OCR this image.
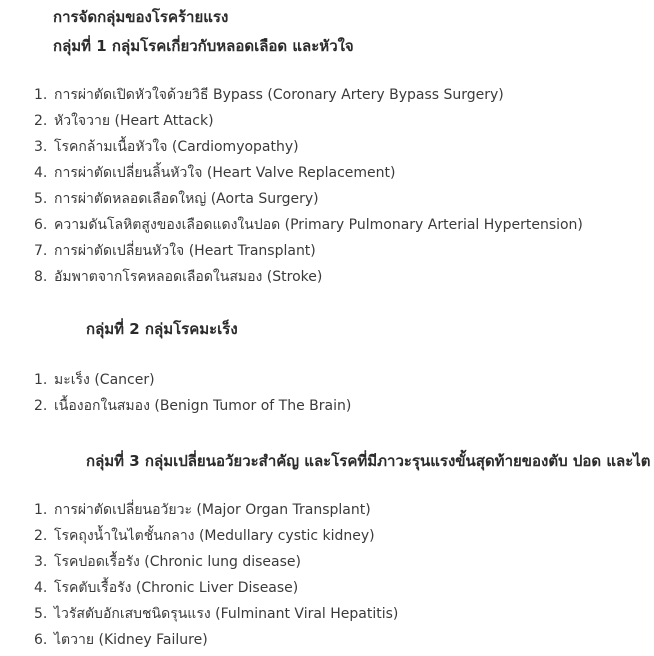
การจัดกลุ่มของโรคร้ายแรง
กลุ่มที่ 1 กลุ่มโรคเกี่ยวกับหลอดเลือด และหัวใจ
1. การผ่าตัดเปิดหัวใจด้วยวิธี Bypass (Coronary Artery Bypass Surgery)
2. หัวใจวาย (Heart Attack)
3. โรคกล้ามเนื้อหัวใจ (Cardiomyopathy)
4. การผ่าตัดเปลี่ยนลิ้นหัวใจ (Heart Valve Replacement)
5. การผ่าตัดหลอดเลือดใหญ่ (Aorta Surgery)
6. ความดันโลหิตสูงของเลือดแดงในปอด (Primary Pulmonary Arterial Hypertension)
7. การผ่าตัดเปลี่ยนหัวใจ (Heart Transplant)
8. อัมพาตจากโรคหลอดเลือดในสมอง (Stroke)
กลุ่มที่ 2 กลุ่มโรคมะเร็ง
1. มะเร็ง (Cancer)
2. เนื้องอกในสมอง (Benign Tumor of The Brain)
กลุ่มที่ 3 กลุ่มเปลี่ยนอวัยวะสำคัญ และโรคที่มีภาวะรุนแรงขั้นสุดท้ายของตับ ปอด และไต
1. การผ่าตัดเปลี่ยนอวัยวะ (Major Organ Transplant)
2. โรคถุงน้ำในไตชั้นกลาง (Medullary cystic kidney)
3. โรคปอดเรื้อรัง (Chronic lung disease)
4. โรคตับเรื้อรัง (Chronic Liver Disease)
5. ไวรัสตับอักเสบชนิดรุนแรง (Fulminant Viral Hepatitis)
6. ไตวาย (Kidney Failure)
